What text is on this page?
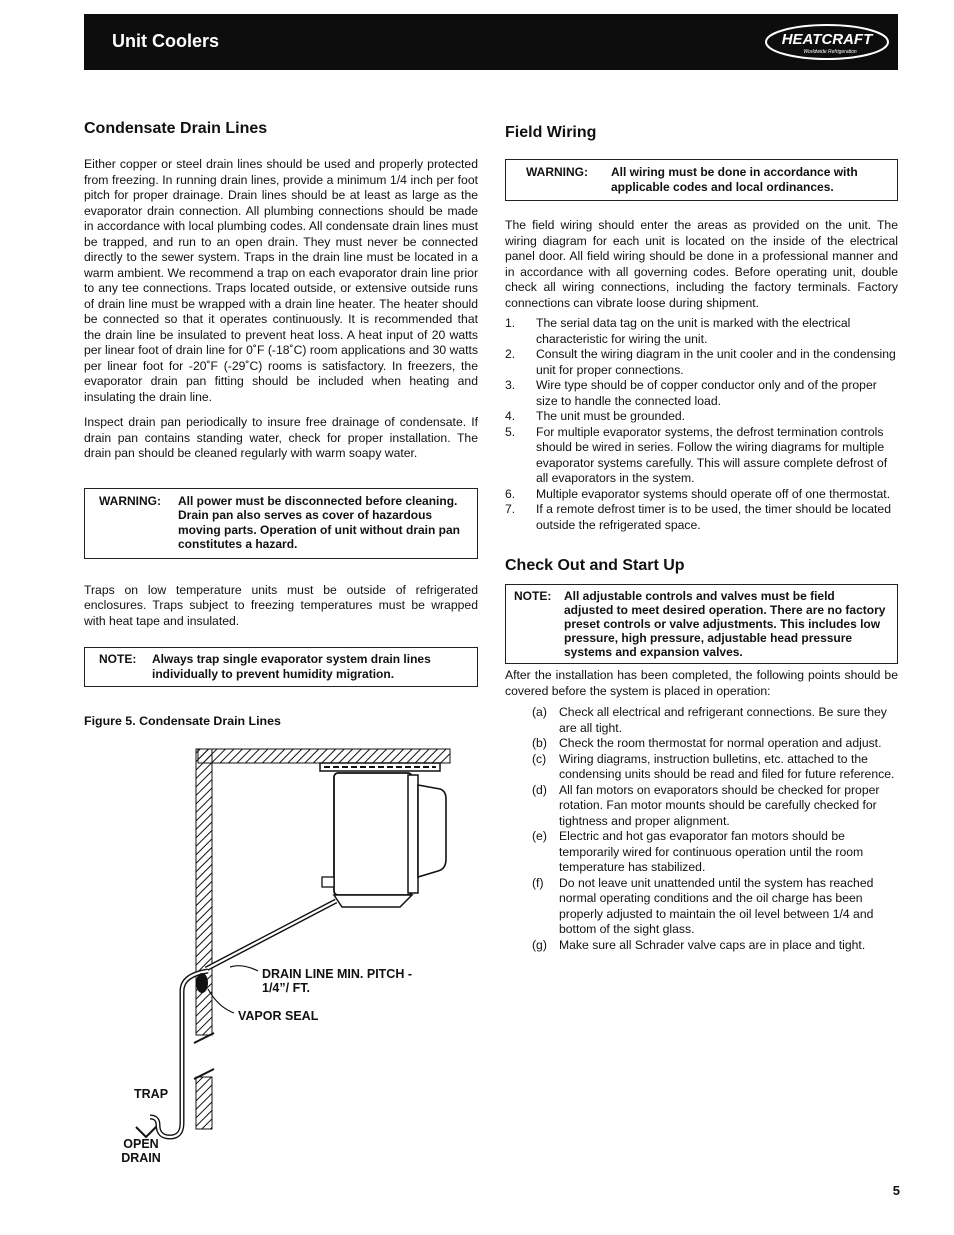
Unit Coolers	HEATCRAFT
Worldwide Refrigeration
Condensate Drain Lines

Either copper or steel drain lines should be used and properly protected from freezing. In running drain lines, provide a minimum 1/4 inch per foot pitch for proper drainage. Drain lines should be at least as large as the evaporator drain connection. All plumbing connections should be made in accordance with local plumbing codes. All condensate drain lines must be trapped, and run to an open drain. They must never be connected directly to the sewer system. Traps in the drain line must be located in a warm ambient. We recommend a trap on each evaporator drain line prior to any tee connections. Traps located outside, or extensive outside runs of drain line must be wrapped with a drain line heater. The heater should be connected so that it operates continuously. It is recommended that the drain line be insulated to prevent heat loss. A heat input of 20 watts per linear foot of drain line for 0˚F (-18˚C) room applications and 30 watts per linear foot for -20˚F (-29˚C) rooms is satisfactory. In freezers, the evaporator drain pan fitting should be included when heating and insulating the drain line.

Inspect drain pan periodically to insure free drainage of condensate. If drain pan contains standing water, check for proper installation. The drain pan should be cleaned regularly with warm soapy water.

WARNING:	All power must be disconnected before cleaning. Drain pan also serves as cover of hazardous moving parts. Operation of unit without drain pan constitutes a hazard.

Traps on low temperature units must be outside of refrigerated enclosures. Traps subject to freezing temperatures must be wrapped with heat tape and insulated.

NOTE:	Always trap single evaporator system drain lines individually to prevent humidity migration.
Figure 5. Condensate Drain Lines
DRAIN LINE MIN. PITCH - 1/4”/ FT.
VAPOR SEAL
TRAP
OPEN DRAIN
Field Wiring
WARNING:	All wiring must be done in accordance with applicable codes and local ordinances.

The field wiring should enter the areas as provided on the unit. The wiring diagram for each unit is located on the inside of the electrical panel door. All field wiring should be done in a professional manner and in accordance with all governing codes. Before operating unit, double check all wiring connections, including the factory terminals. Factory connections can vibrate loose during shipment.

1. The serial data tag on the unit is marked with the electrical characteristic for wiring the unit.
2. Consult the wiring diagram in the unit cooler and in the condensing unit for proper connections.
3. Wire type should be of copper conductor only and of the proper size to handle the connected load.
4. The unit must be grounded.
5. For multiple evaporator systems, the defrost termination controls should be wired in series. Follow the wiring diagrams for multiple evaporator systems carefully. This will assure complete defrost of all evaporators in the system.
6. Multiple evaporator systems should operate off of one thermostat.
7. If a remote defrost timer is to be used, the timer should be located outside the refrigerated space.
Check Out and Start Up
NOTE:	All adjustable controls and valves must be field adjusted to meet desired operation. There are no factory preset controls or valve adjustments. This includes low pressure, high pressure, adjustable head pressure systems and expansion valves.

After the installation has been completed, the following points should be covered before the system is placed in operation:

(a) Check all electrical and refrigerant connections. Be sure they are all tight.
(b) Check the room thermostat for normal operation and adjust.
(c) Wiring diagrams, instruction bulletins, etc. attached to the condensing units should be read and filed for future reference.
(d) All fan motors on evaporators should be checked for proper rotation. Fan motor mounts should be carefully checked for tightness and proper alignment.
(e) Electric and hot gas evaporator fan motors should be temporarily wired for continuous operation until the room temperature has stabilized.
(f) Do not leave unit unattended until the system has reached normal operating conditions and the oil charge has been properly adjusted to maintain the oil level between 1/4 and bottom of the sight glass.
(g) Make sure all Schrader valve caps are in place and tight.
5
